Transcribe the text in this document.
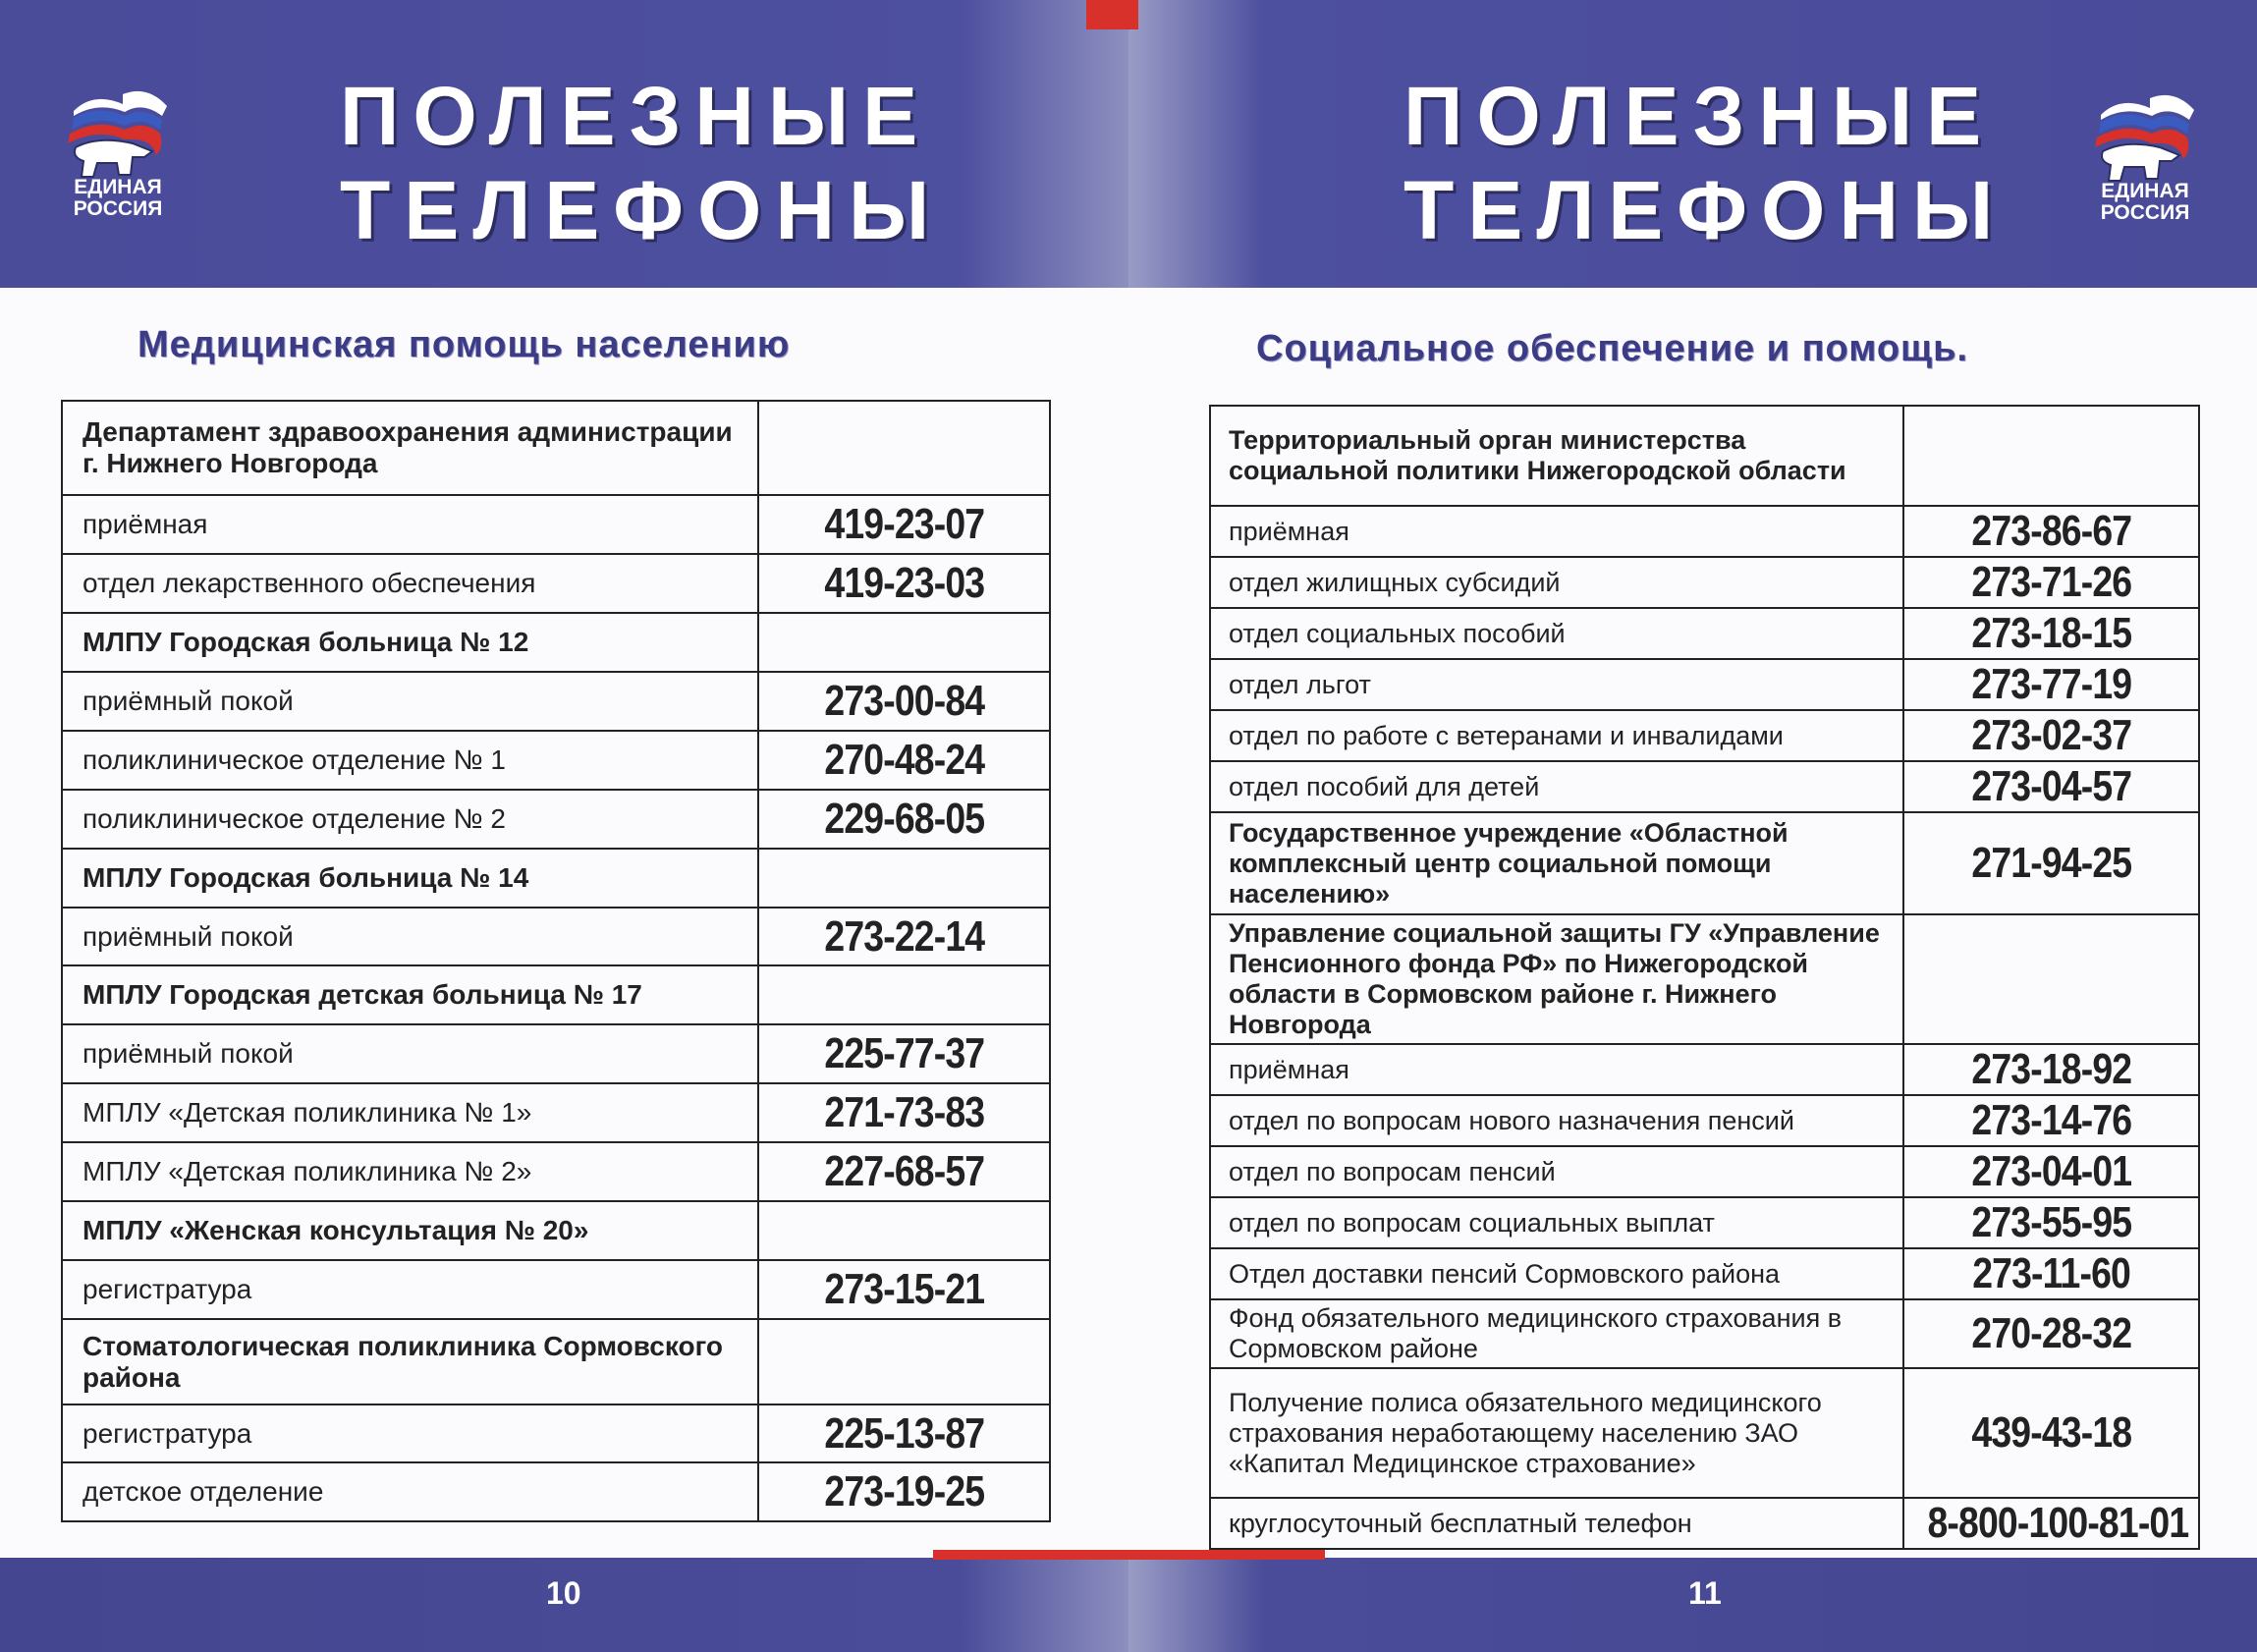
ЕДИНАЯ
РОССИЯ
ПОЛЕЗНЫЕ
ТЕЛЕФОНЫ
Медицинская помощь населению
Департамент здравоохранения администрации г. Нижнего Новгорода	
приёмная	419-23-07
отдел лекарственного обеспечения	419-23-03
МЛПУ Городская больница № 12	
приёмный покой	273-00-84
поликлиническое отделение № 1	270-48-24
поликлиническое отделение № 2	229-68-05
МПЛУ Городская больница № 14	
приёмный покой	273-22-14
МПЛУ Городская детская больница № 17	
приёмный покой	225-77-37
МПЛУ «Детская поликлиника № 1»	271-73-83
МПЛУ «Детская поликлиника № 2»	227-68-57
МПЛУ «Женская консультация № 20»	
регистратура	273-15-21
Стоматологическая поликлиника Сормовского района	
регистратура	225-13-87
детское отделение	273-19-25
10
ПОЛЕЗНЫЕ
ТЕЛЕФОНЫ	ЕДИНАЯ
РОССИЯ
Социальное обеспечение и помощь.
Территориальный орган министерства социальной политики Нижегородской области	
приёмная	273-86-67
отдел жилищных субсидий	273-71-26
отдел социальных пособий	273-18-15
отдел льгот	273-77-19
отдел по работе с ветеранами и инвалидами	273-02-37
отдел пособий для детей	273-04-57
Государственное учреждение «Областной комплексный центр социальной помощи населению»	271-94-25
Управление социальной защиты ГУ «Управление Пенсионного фонда РФ» по Нижегородской области в Сормовском районе г. Нижнего Новгорода	
приёмная	273-18-92
отдел по вопросам нового назначения пенсий	273-14-76
отдел по вопросам пенсий	273-04-01
отдел по вопросам социальных выплат	273-55-95
Отдел доставки пенсий Сормовского района	273-11-60
Фонд обязательного медицинского страхования в Сормовском районе	270-28-32
Получение полиса обязательного медицинского страхования неработающему населению ЗАО «Капитал Медицинское страхование»	439-43-18
круглосуточный бесплатный телефон	8-800-100-81-01
11
